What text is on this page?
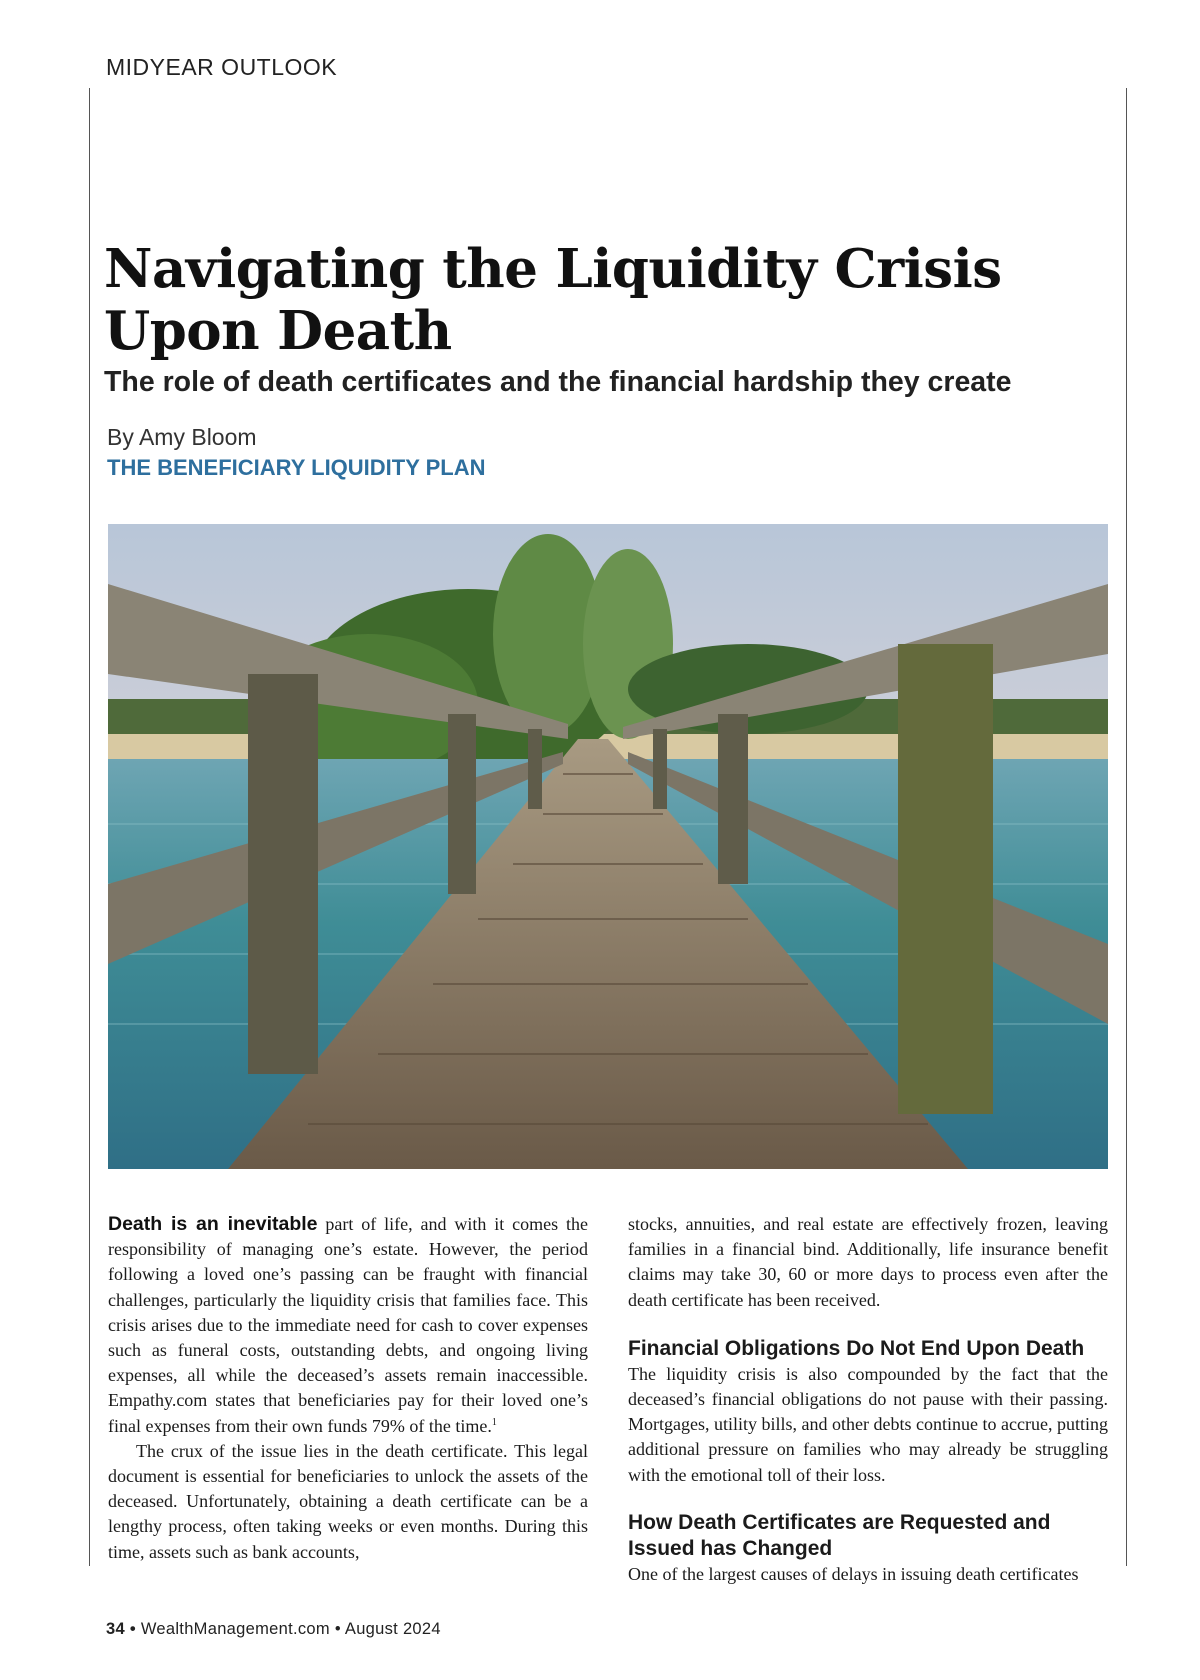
MIDYEAR OUTLOOK
Navigating the Liquidity Crisis
Upon Death
The role of death certificates and the financial hardship they create
By Amy Bloom
THE BENEFICIARY LIQUIDITY PLAN

Death is an inevitable part of life, and with it comes the responsibility of managing one’s estate. However, the period following a loved one’s passing can be fraught with financial challenges, particularly the liquidity crisis that families face. This crisis arises due to the immediate need for cash to cover expenses such as funeral costs, outstanding debts, and ongoing living expenses, all while the deceased’s assets remain inaccessible. Empathy.com states that beneficiaries pay for their loved one’s final expenses from their own funds 79% of the time.$^1$

The crux of the issue lies in the death certificate. This legal document is essential for beneficiaries to unlock the assets of the deceased. Unfortunately, obtaining a death certificate can be a lengthy process, often taking weeks or even months. During this time, assets such as bank accounts,

stocks, annuities, and real estate are effectively frozen, leaving families in a financial bind. Additionally, life insurance benefit claims may take 30, 60 or more days to process even after the death certificate has been received.

Financial Obligations Do Not End Upon Death

The liquidity crisis is also compounded by the fact that the deceased’s financial obligations do not pause with their passing. Mortgages, utility bills, and other debts continue to accrue, putting additional pressure on families who may already be struggling with the emotional toll of their loss.

How Death Certificates are Requested and Issued has Changed

One of the largest causes of delays in issuing death certificates

34 • WealthManagement.com • August 2024
